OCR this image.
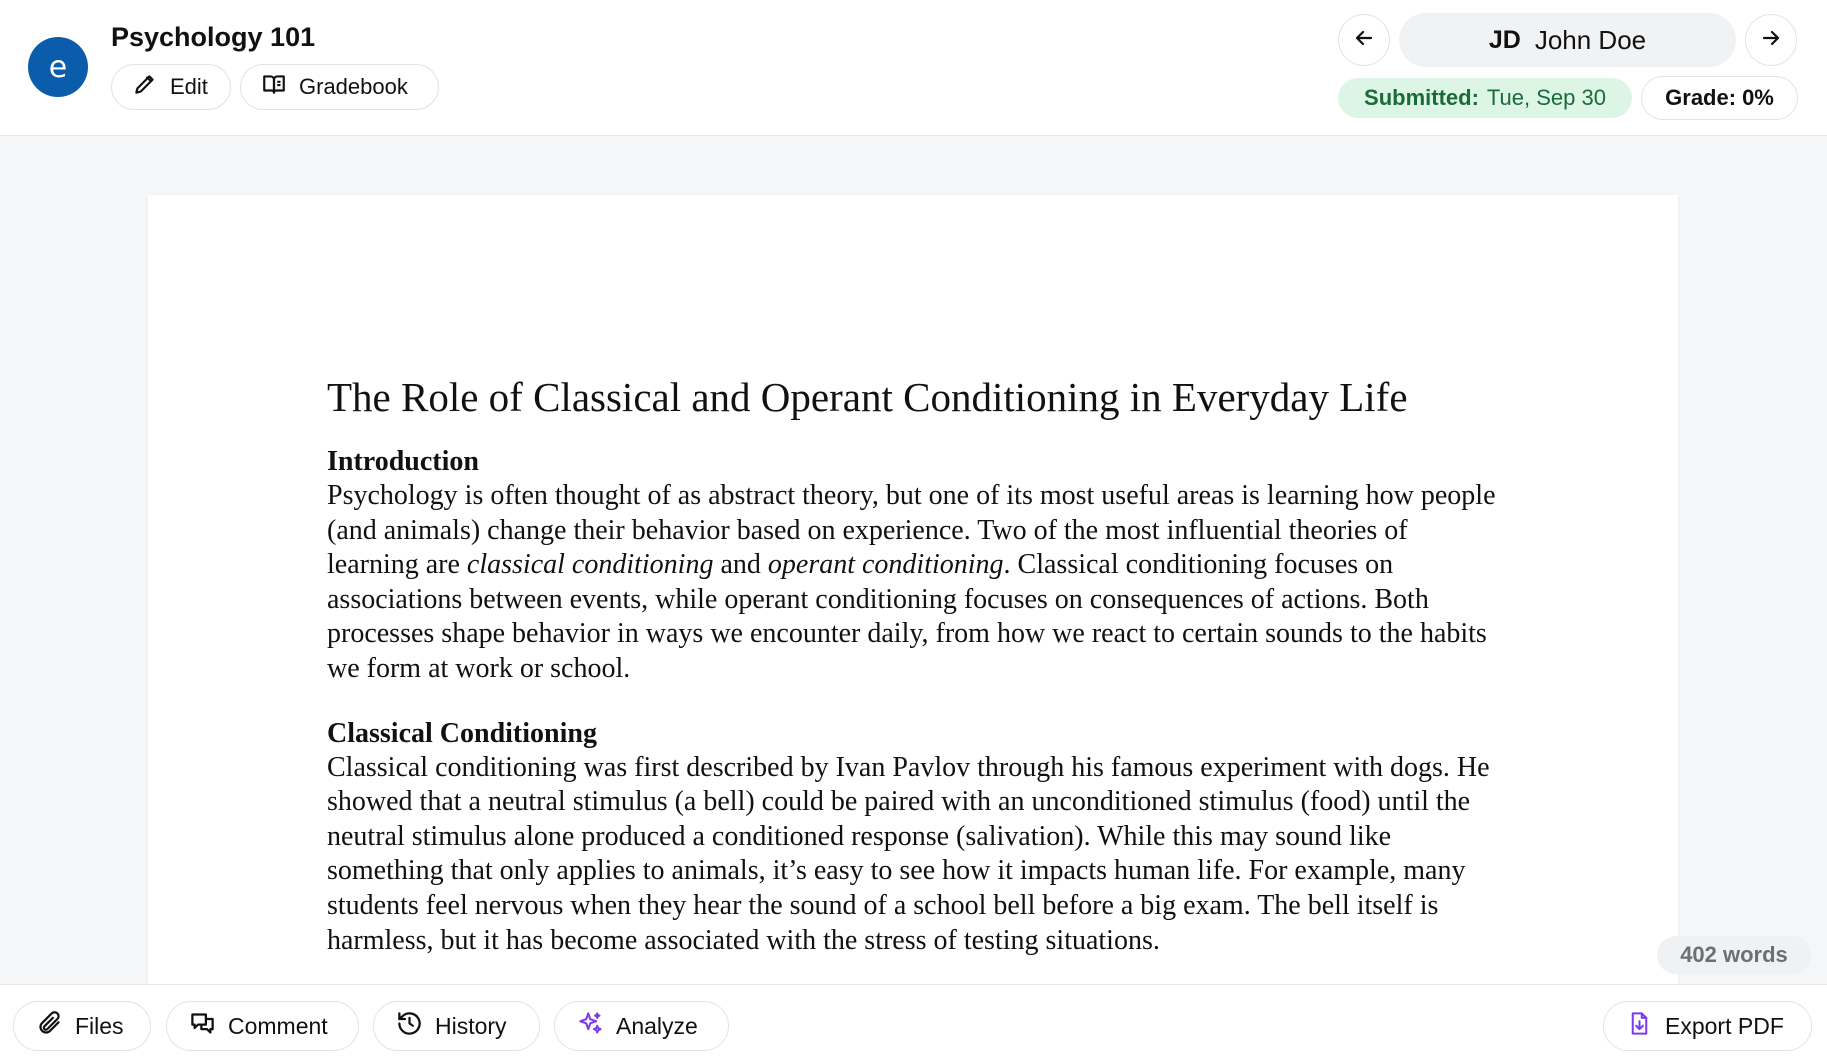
e
Psychology 101
Edit	Gradebook
JD John Doe
Submitted: Tue, Sep 30	Grade: 0%
The Role of Classical and Operant Conditioning in Everyday Life
Introduction

Psychology is often thought of as abstract theory, but one of its most useful areas is learning how people (and animals) change their behavior based on experience. Two of the most influential theories of learning are classical conditioning and operant conditioning. Classical conditioning focuses on associations between events, while operant conditioning focuses on consequences of actions. Both processes shape behavior in ways we encounter daily, from how we react to certain sounds to the habits we form at work or school.

Classical Conditioning

Classical conditioning was first described by Ivan Pavlov through his famous experiment with dogs. He showed that a neutral stimulus (a bell) could be paired with an unconditioned stimulus (food) until the neutral stimulus alone produced a conditioned response (salivation). While this may sound like something that only applies to animals, it’s easy to see how it impacts human life. For example, many students feel nervous when they hear the sound of a school bell before a big exam. The bell itself is harmless, but it has become associated with the stress of testing situations.	402 words
Files	Comment	History	Analyze	Export PDF
